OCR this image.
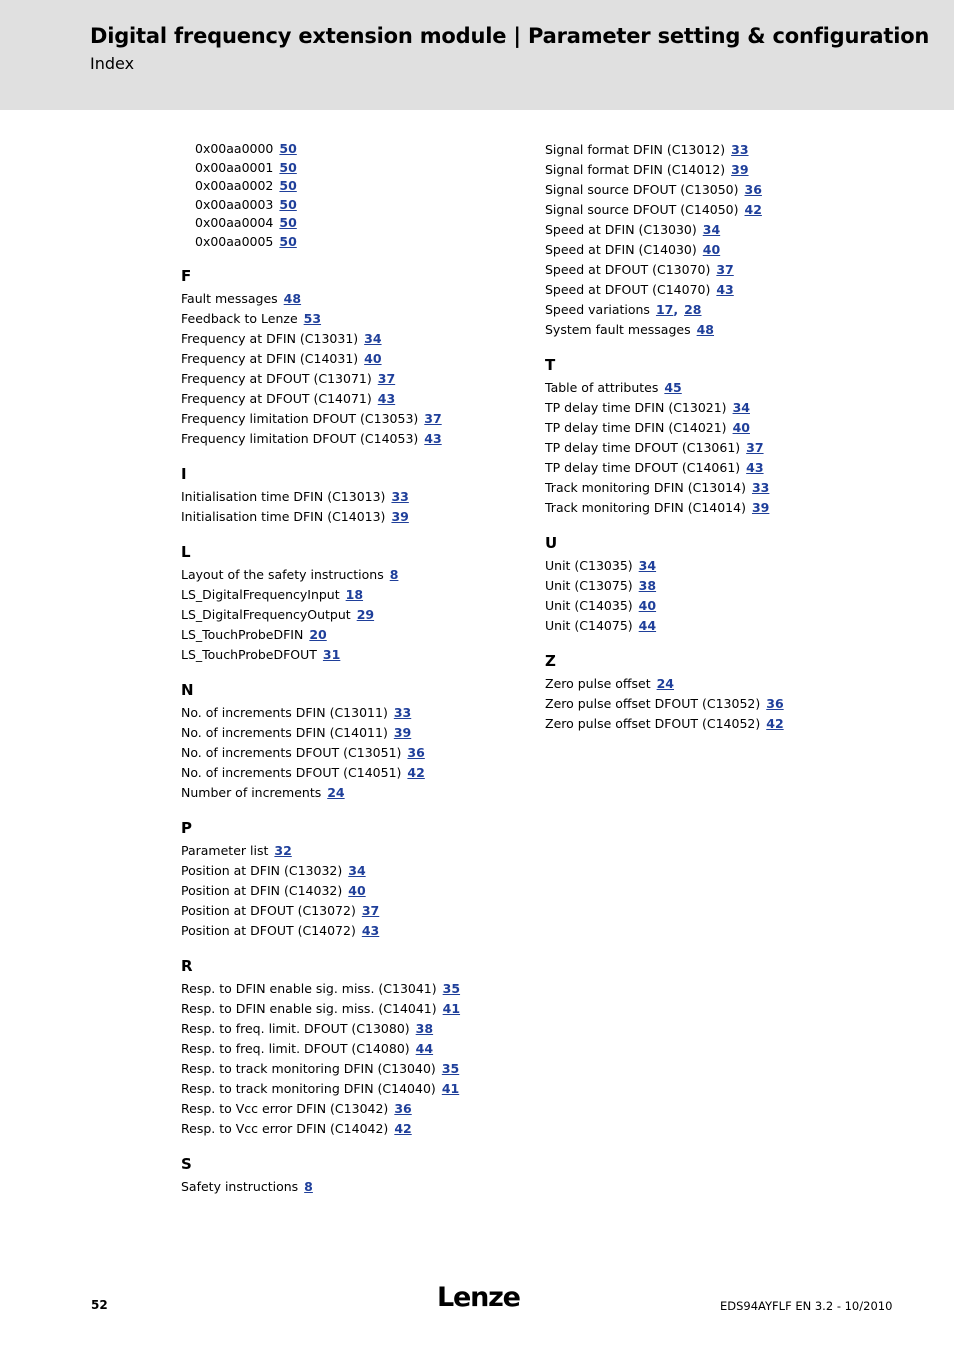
Digital frequency extension module | Parameter setting & configuration
Index
0x00aa0000 50
0x00aa0001 50
0x00aa0002 50
0x00aa0003 50
0x00aa0004 50
0x00aa0005 50
F
Fault messages 48
Feedback to Lenze 53
Frequency at DFIN (C13031) 34
Frequency at DFIN (C14031) 40
Frequency at DFOUT (C13071) 37
Frequency at DFOUT (C14071) 43
Frequency limitation DFOUT (C13053) 37
Frequency limitation DFOUT (C14053) 43
I
Initialisation time DFIN (C13013) 33
Initialisation time DFIN (C14013) 39
L
Layout of the safety instructions 8
LS_DigitalFrequencyInput 18
LS_DigitalFrequencyOutput 29
LS_TouchProbeDFIN 20
LS_TouchProbeDFOUT 31
N
No. of increments DFIN (C13011) 33
No. of increments DFIN (C14011) 39
No. of increments DFOUT (C13051) 36
No. of increments DFOUT (C14051) 42
Number of increments 24
P
Parameter list 32
Position at DFIN (C13032) 34
Position at DFIN (C14032) 40
Position at DFOUT (C13072) 37
Position at DFOUT (C14072) 43
R
Resp. to DFIN enable sig. miss. (C13041) 35
Resp. to DFIN enable sig. miss. (C14041) 41
Resp. to freq. limit. DFOUT (C13080) 38
Resp. to freq. limit. DFOUT (C14080) 44
Resp. to track monitoring DFIN (C13040) 35
Resp. to track monitoring DFIN (C14040) 41
Resp. to Vcc error DFIN (C13042) 36
Resp. to Vcc error DFIN (C14042) 42
S
Safety instructions 8
Signal format DFIN (C13012) 33
Signal format DFIN (C14012) 39
Signal source DFOUT (C13050) 36
Signal source DFOUT (C14050) 42
Speed at DFIN (C13030) 34
Speed at DFIN (C14030) 40
Speed at DFOUT (C13070) 37
Speed at DFOUT (C14070) 43
Speed variations 17, 28
System fault messages 48
T
Table of attributes 45
TP delay time DFIN (C13021) 34
TP delay time DFIN (C14021) 40
TP delay time DFOUT (C13061) 37
TP delay time DFOUT (C14061) 43
Track monitoring DFIN (C13014) 33
Track monitoring DFIN (C14014) 39
U
Unit (C13035) 34
Unit (C13075) 38
Unit (C14035) 40
Unit (C14075) 44
Z
Zero pulse offset 24
Zero pulse offset DFOUT (C13052) 36
Zero pulse offset DFOUT (C14052) 42
52	Lenze	EDS94AYFLF EN 3.2 - 10/2010
